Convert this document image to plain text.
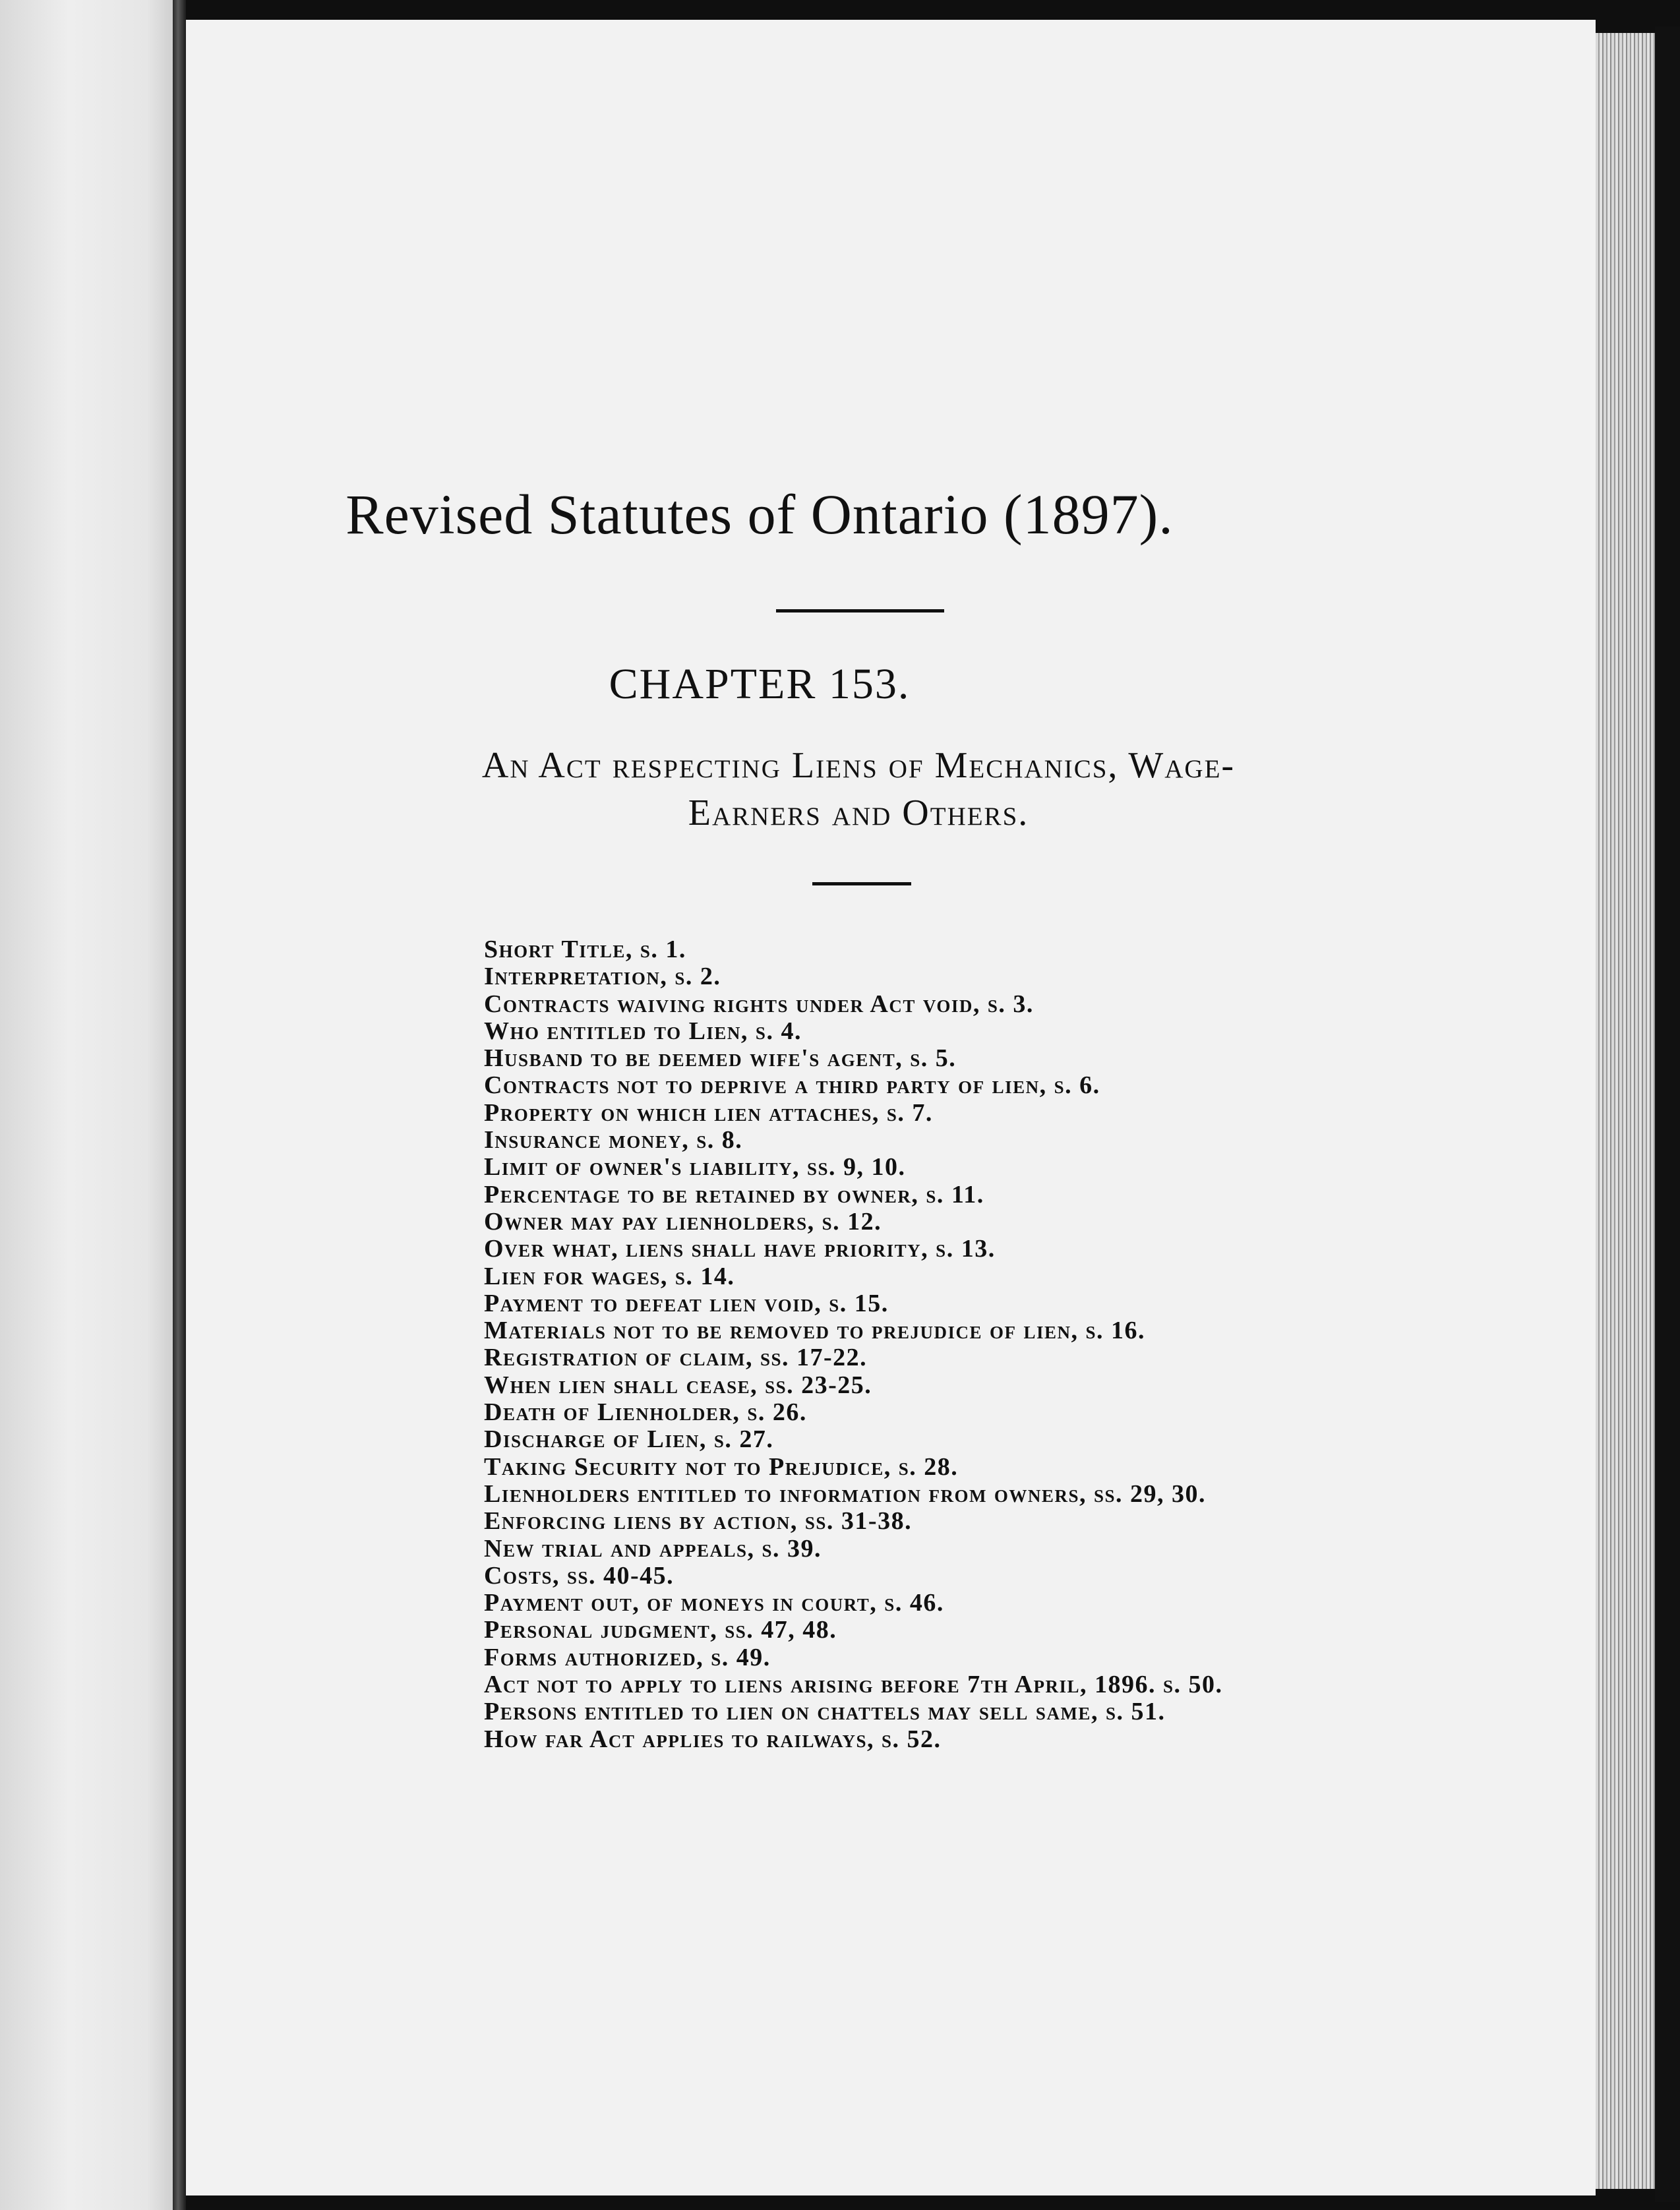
Revised Statutes of Ontario (1897).
CHAPTER 153.
An Act respecting Liens of Mechanics, Wage-
Earners and Others.
Short Title, s. 1.
Interpretation, s. 2.
Contracts waiving rights under Act void, s. 3.
Who entitled to Lien, s. 4.
Husband to be deemed wife's agent, s. 5.
Contracts not to deprive a third party of lien, s. 6.
Property on which lien attaches, s. 7.
Insurance money, s. 8.
Limit of owner's liability, ss. 9, 10.
Percentage to be retained by owner, s. 11.
Owner may pay lienholders, s. 12.
Over what, liens shall have priority, s. 13.
Lien for wages, s. 14.
Payment to defeat lien void, s. 15.
Materials not to be removed to prejudice of lien, s. 16.
Registration of claim, ss. 17-22.
When lien shall cease, ss. 23-25.
Death of Lienholder, s. 26.
Discharge of Lien, s. 27.
Taking Security not to Prejudice, s. 28.
Lienholders entitled to information from owners, ss. 29, 30.
Enforcing liens by action, ss. 31-38.
New trial and appeals, s. 39.
Costs, ss. 40-45.
Payment out, of moneys in court, s. 46.
Personal judgment, ss. 47, 48.
Forms authorized, s. 49.
Act not to apply to liens arising before 7th April, 1896. s. 50.
Persons entitled to lien on chattels may sell same, s. 51.
How far Act applies to railways, s. 52.
